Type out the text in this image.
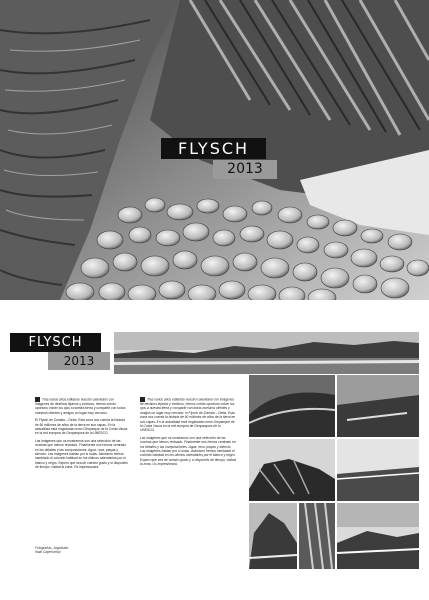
FLYSCH
2013
FLYSCH
2013

Tras varios años editando nuestro calendario con imágenes de destinos lejanos y exóticos, hemos creído oportuno volver los ojos a nuestra tierra y compartir con todos nuestros clientes y amigos un lugar muy cercano:

El Flysch de Zumaia – Deba. Esta zona nos cuenta la historia de 60 millones de años de la tierra en sus capas. En la actualidad está englobada como Geoparque de la Costa Vasca en la red europea de Geoparques de la UNESCO.

Las imágenes que os mostramos son una selección de las muchas que hemos revisado. Finalmente nos hemos centrado en los detalles y las composiciones. Agua, roca, playas y silencio. Las imágenes hablan por sí solas. Asimismo hemos cambiado el colorido habitual en los últimos calendarios por el blanco y negro. Espero que sea de vuestro gusto y sí disponéis de tiempo, visitad la zona. Os impresionará.

Tras varios años editando nuestro calendario con imágenes de destinos lejanos y exóticos, hemos creído oportuno volver los ojos a nuestra tierra y compartir con todos nuestros clientes y amigos un lugar muy cercano: el Flysch de Zumaia – Deba. Esta zona nos cuenta la historia de 60 millones de años de la tierra en sus capas. En la actualidad está englobada como Geoparque de la Costa Vasca en la red europea de Geoparques de la UNESCO.

Las imágenes que os mostramos son una selección de las muchas que hemos revisado. Finalmente nos hemos centrado en los detalles y las composiciones. Agua, roca, playas y silencio. Las imágenes hablan por sí solas. Asimismo hemos cambiado el colorido habitual en los últimos calendarios por el blanco y negro. Espero que sea de vuestro gusto y sí disponéis de tiempo, visitad la zona. Os impresionará.

Fotografías_Argazkiak:
Iñaki Caperochipi
